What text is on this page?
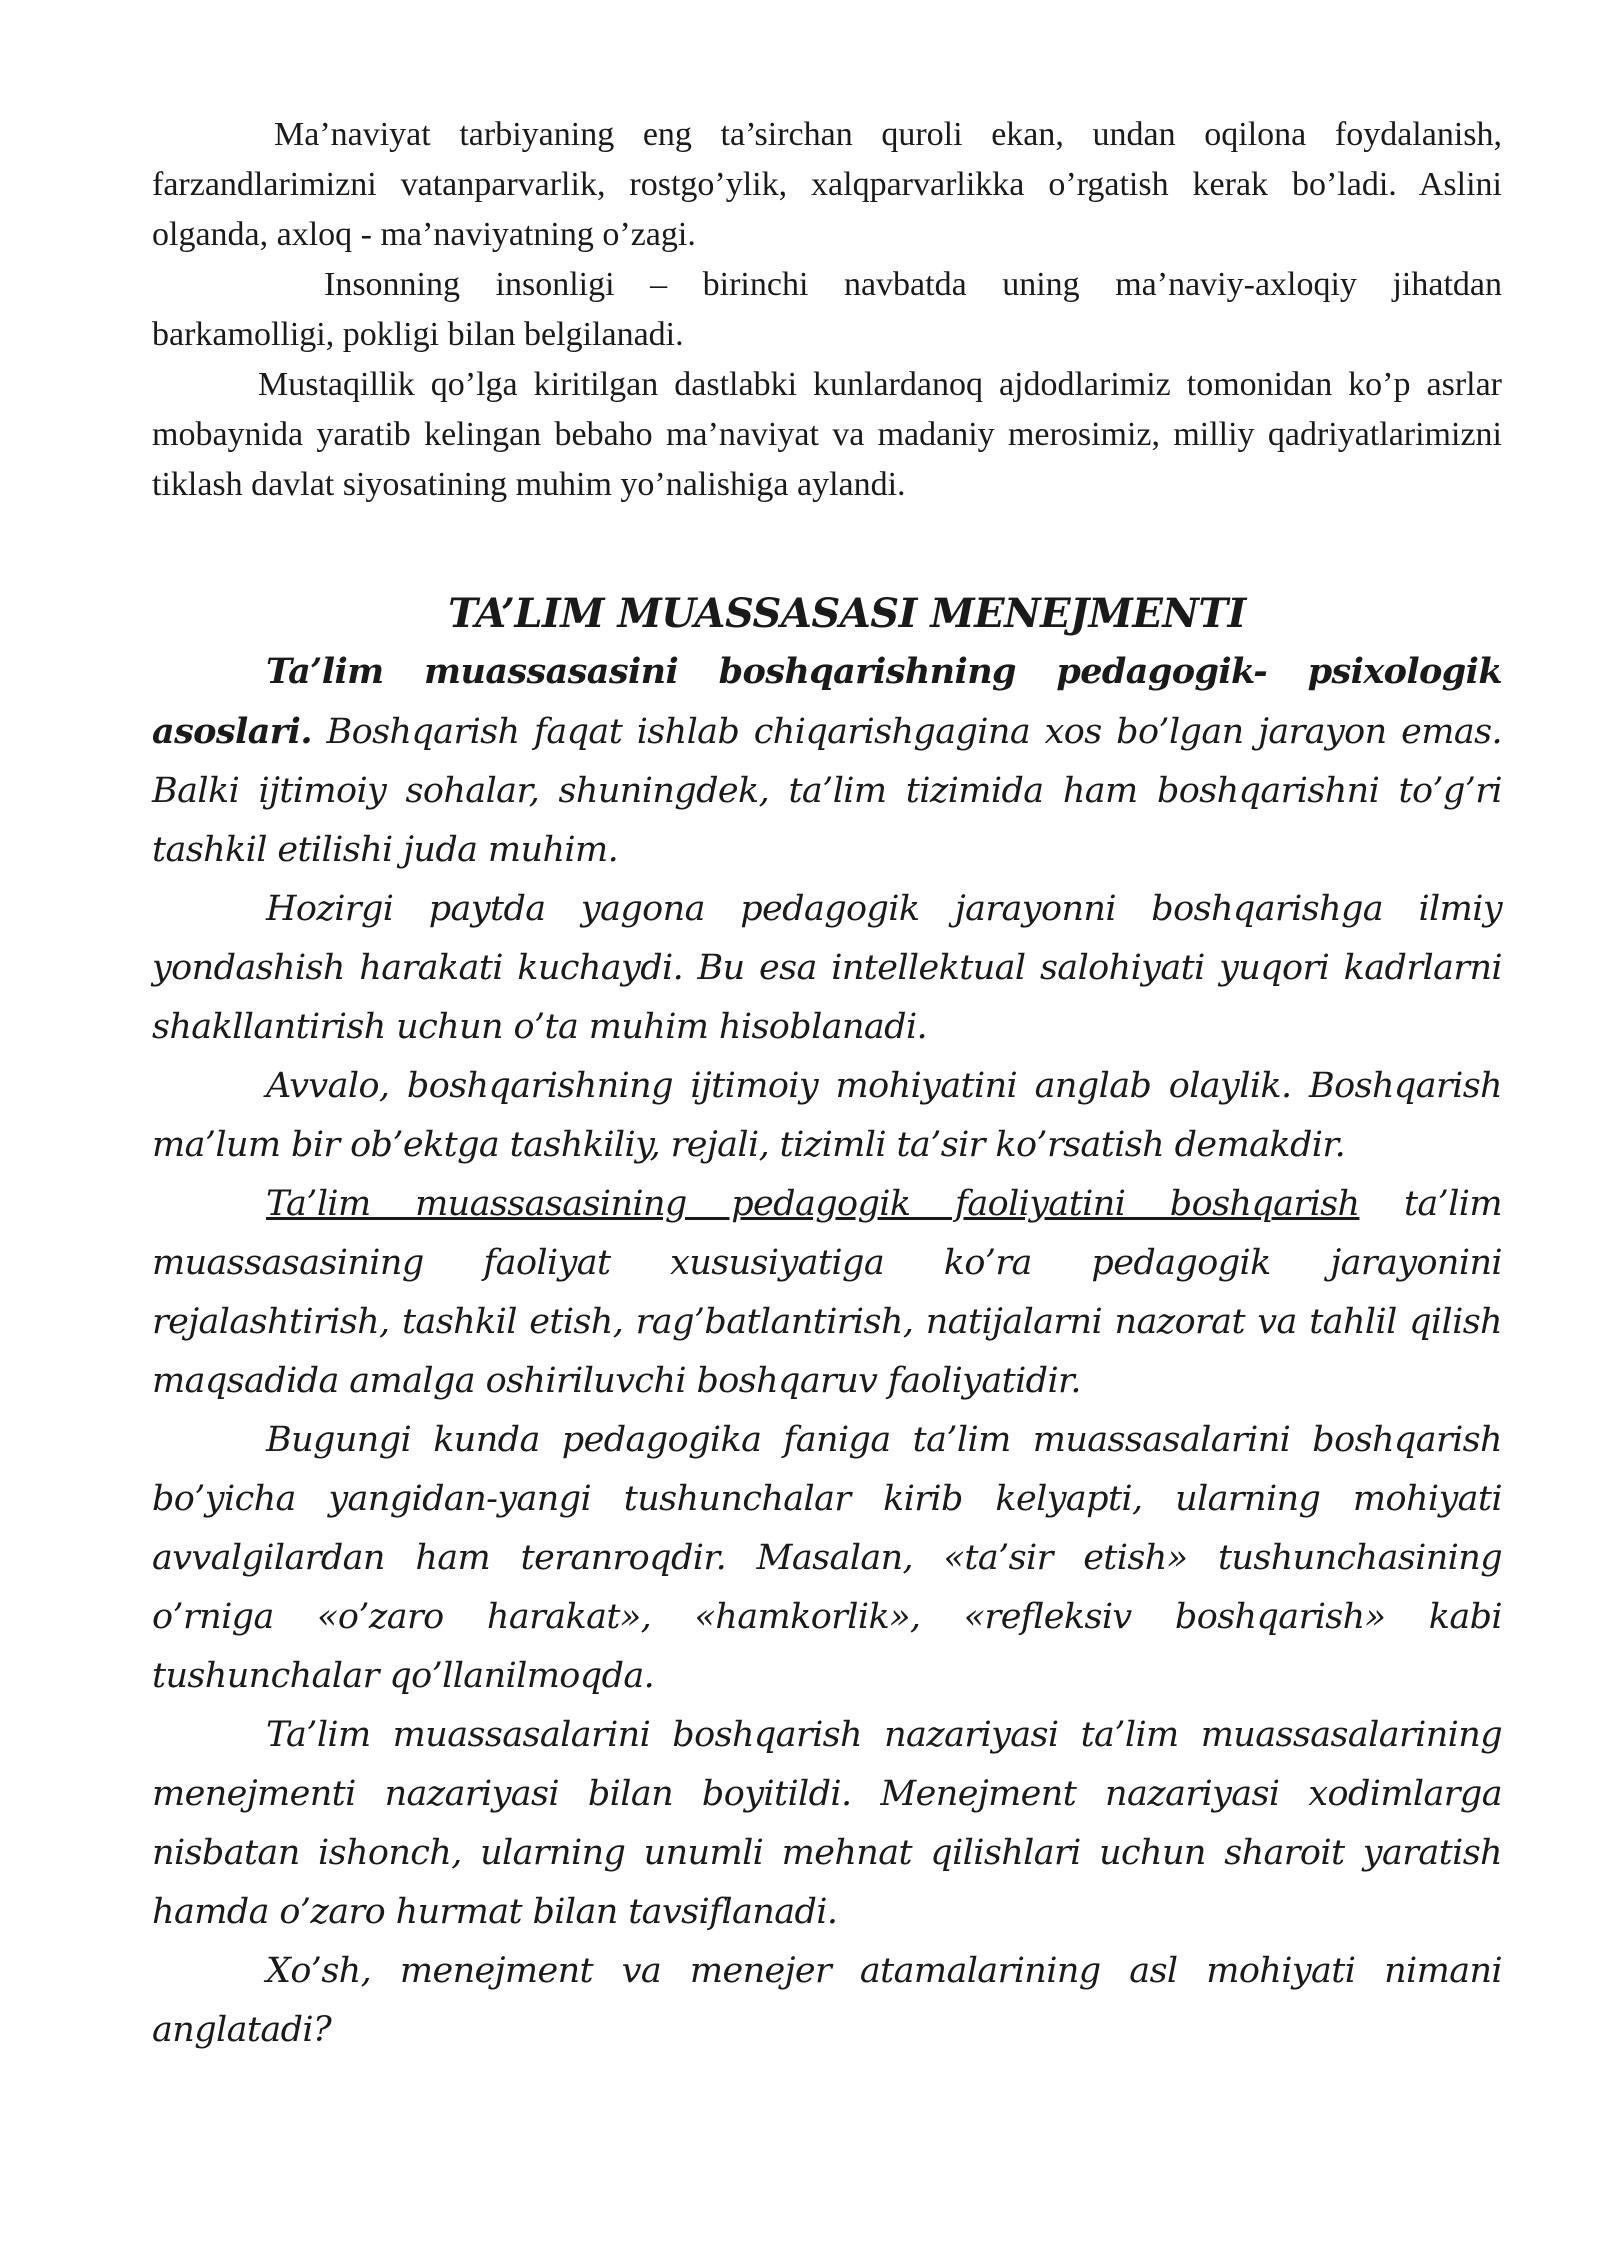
Ma’naviyat tarbiyaning eng ta’sirchan quroli ekan, undan oqilona foydalanish, farzandlarimizni vatanparvarlik, rostgo’ylik, xalqparvarlikka o’rgatish kerak bo’ladi. Aslini olganda, axloq - ma’naviyatning o’zagi.

Insonning insonligi – birinchi navbatda uning ma’naviy-axloqiy jihatdan barkamolligi, pokligi bilan belgilanadi.

Mustaqillik qo’lga kiritilgan dastlabki kunlardanoq ajdodlarimiz tomonidan ko’p asrlar mobaynida yaratib kelingan bebaho ma’naviyat va madaniy merosimiz, milliy qadriyatlarimizni tiklash davlat siyosatining muhim yo’nalishiga aylandi.

TA’LIM MUASSASASI MENEJMENTI

Ta’lim muassasasini boshqarishning pedagogik- psixologik asoslari. Boshqarish faqat ishlab chiqarishgagina xos bo’lgan jarayon emas. Balki ijtimoiy sohalar, shuningdek, ta’lim tizimida ham boshqarishni to’g’ri tashkil etilishi juda muhim.

Hozirgi paytda yagona pedagogik jarayonni boshqarishga ilmiy yondashish harakati kuchaydi. Bu esa intellektual salohiyati yuqori kadrlarni shakllantirish uchun o’ta muhim hisoblanadi.

Avvalo, boshqarishning ijtimoiy mohiyatini anglab olaylik. Boshqarish ma’lum bir ob’ektga tashkiliy, rejali, tizimli ta’sir ko’rsatish demakdir.

Ta’lim muassasasining pedagogik faoliyatini boshqarish ta’lim muassasasining faoliyat xususiyatiga ko’ra pedagogik jarayonini rejalashtirish, tashkil etish, rag’batlantirish, natijalarni nazorat va tahlil qilish maqsadida amalga oshiriluvchi boshqaruv faoliyatidir.

Bugungi kunda pedagogika faniga ta’lim muassasalarini boshqarish bo’yicha yangidan-yangi tushunchalar kirib kelyapti, ularning mohiyati avvalgilardan ham teranroqdir. Masalan, «ta’sir etish» tushunchasining o’rniga «o’zaro harakat», «hamkorlik», «refleksiv boshqarish» kabi tushunchalar qo’llanilmoqda.

Ta’lim muassasalarini boshqarish nazariyasi ta’lim muassasalarining menejmenti nazariyasi bilan boyitildi. Menejment nazariyasi xodimlarga nisbatan ishonch, ularning unumli mehnat qilishlari uchun sharoit yaratish hamda o’zaro hurmat bilan tavsiflanadi.

Xo’sh, menejment va menejer atamalarining asl mohiyati nimani anglatadi?
